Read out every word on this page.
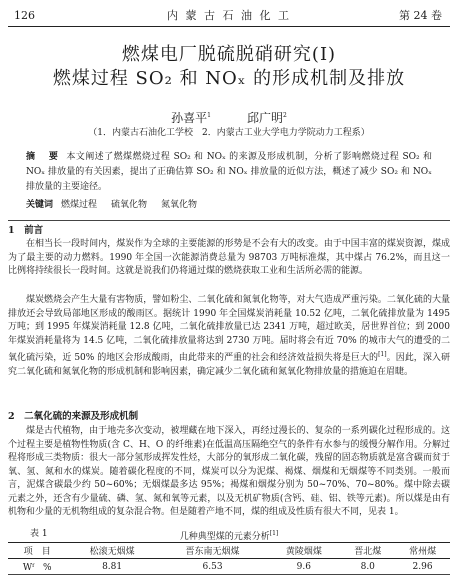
126	内 蒙 古 石 油 化 工	第 24 卷
燃煤电厂脱硫脱硝研究(Ⅰ)
燃煤过程 SO₂ 和 NOₓ 的形成机制及排放
孙喜平$^1$	邱广明$^2$
（1．内蒙古石油化工学校　2．内蒙古工业大学电力学院动力工程系）
摘　要 本文阐述了燃煤燃烧过程 SO₂ 和 NOₓ 的来源及形成机制，分析了影响燃烧过程 SO₂ 和 NOₓ 排放量的有关因素，提出了正确估算 SO₂ 和 NOₓ 排放量的近似方法，概述了减少 SO₂ 和 NOₓ 排放量的主要途径。
关键词 燃煤过程 硫氧化物 氮氧化物
1　前言
在相当长一段时间内，煤炭作为全球的主要能源的形势是不会有大的改变。由于中国丰富的煤炭资源，煤成为了最主要的动力燃料。1990 年全国一次能源消费总量为 98703 万吨标准煤，其中煤占 76.2%，而且这一比例将持续很长一段时间。这就是说我们仍将通过煤的燃烧获取工业和生活所必需的能源。
煤炭燃烧会产生大量有害物质，譬如粉尘、二氧化硫和氮氧化物等，对大气造成严重污染。二氧化硫的大量排放还会导致局部地区形成的酸雨区。据统计 1990 年全国煤炭消耗量 10.52 亿吨，二氧化硫排放量为 1495 万吨；到 1995 年煤炭消耗量 12.8 亿吨，二氧化硫排放量已达 2341 万吨，超过欧美，居世界首位；到 2000 年煤炭消耗量将为 14.5 亿吨，二氧化硫排放量将达到 2730 万吨。届时将会有近 70% 的城市大气的遭受的二氧化硫污染，近 50% 的地区会形成酸雨，由此带来的严重的社会和经济效益损失将是巨大的[1]。因此，深入研究二氧化硫和氮氧化物的形成机制和影响因素，确定减少二氧化硫和氮氧化物排放量的措施迫在眉睫。
2　二氧化硫的来源及形成机制
煤是古代植物，由于地壳多次变动，被埋藏在地下深入，再经过漫长的、复杂的一系列碳化过程形成的。这个过程主要是植物性物质(含 C、H、O 的纤维素)在低温高压隔绝空气的条件有水参与的缓慢分解作用。分解过程将形成三类物质：很大一部分氢形成挥发性烃，大部分的氧形成二氧化碳，残留的固态物质就是富含碳而贫于氧、氢、氮和水的煤炭。随着碳化程度的不同，煤炭可以分为泥煤、褐煤、烟煤和无烟煤等不同类别。一般而言，泥煤含碳最少约 50~60%；无烟煤最多达 95%；褐煤和烟煤分别为 50~70%、70~80%。煤中除去碳元素之外，还含有少量硫、磷、氢、氮和氧等元素，以及无机矿物质(含钙、硅、铝、铁等元素)。所以煤是由有机物和少量的无机物组成的复杂混合物。但是随着产地不同，煤的组成及性质有很大不同，见表 1。
表 1	几种典型煤的元素分析[1]
项　目	松滚无烟煤	晋东南无烟煤	黄陵烟煤	晋北煤	常州煤
Wᶠ　%	8.81	6.53	9.6	8.0	2.96
